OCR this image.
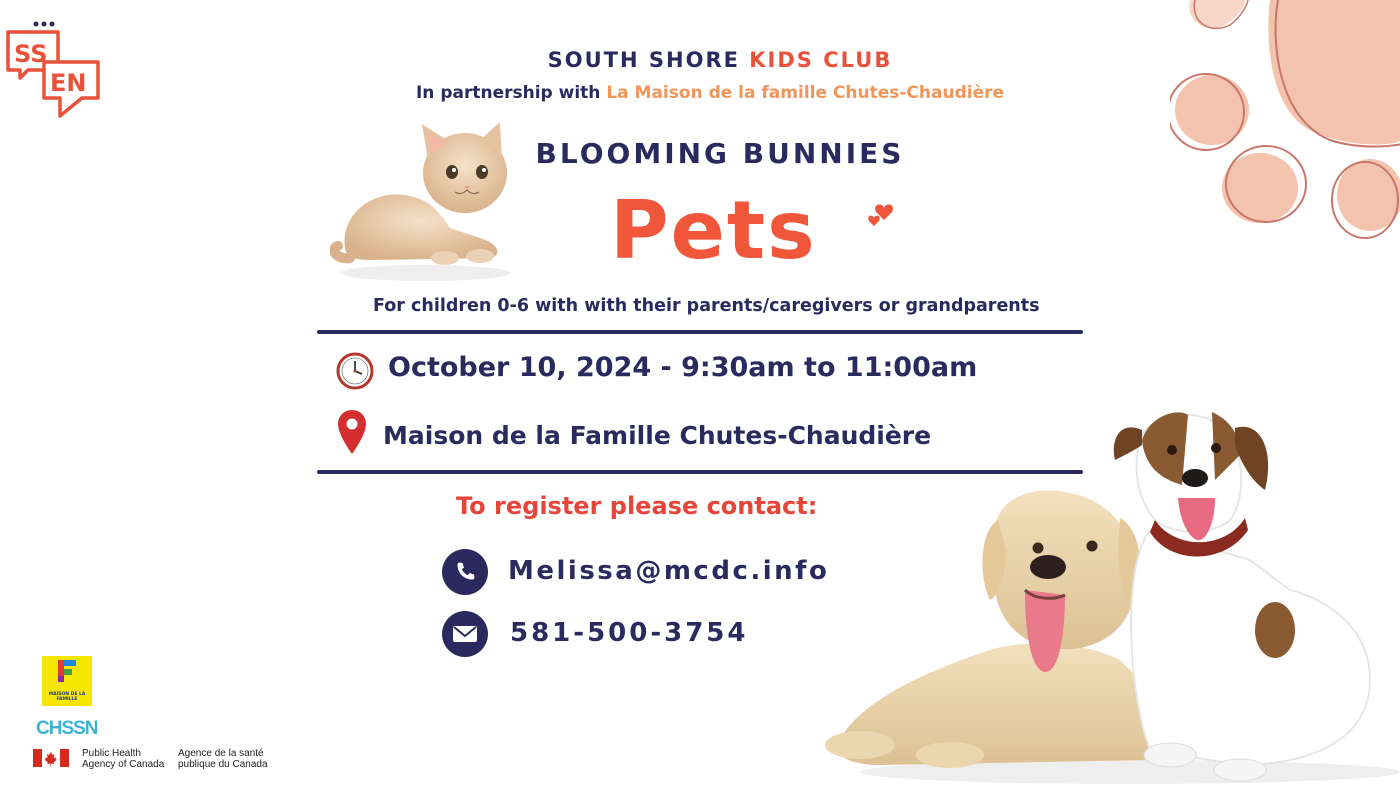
SS
EN
SOUTH SHORE KIDS CLUB
In partnership with La Maison de la famille Chutes-Chaudière
BLOOMING BUNNIES
Pets
For children 0-6 with with their parents/caregivers or grandparents
October 10, 2024 - 9:30am to 11:00am
Maison de la Famille Chutes-Chaudière
To register please contact:
Melissa@mcdc.info
581-500-3754
MAISON DE LA FAMILLE
CHSSN
Public Health
Agency of Canada
Agence de la santé
publique du Canada
